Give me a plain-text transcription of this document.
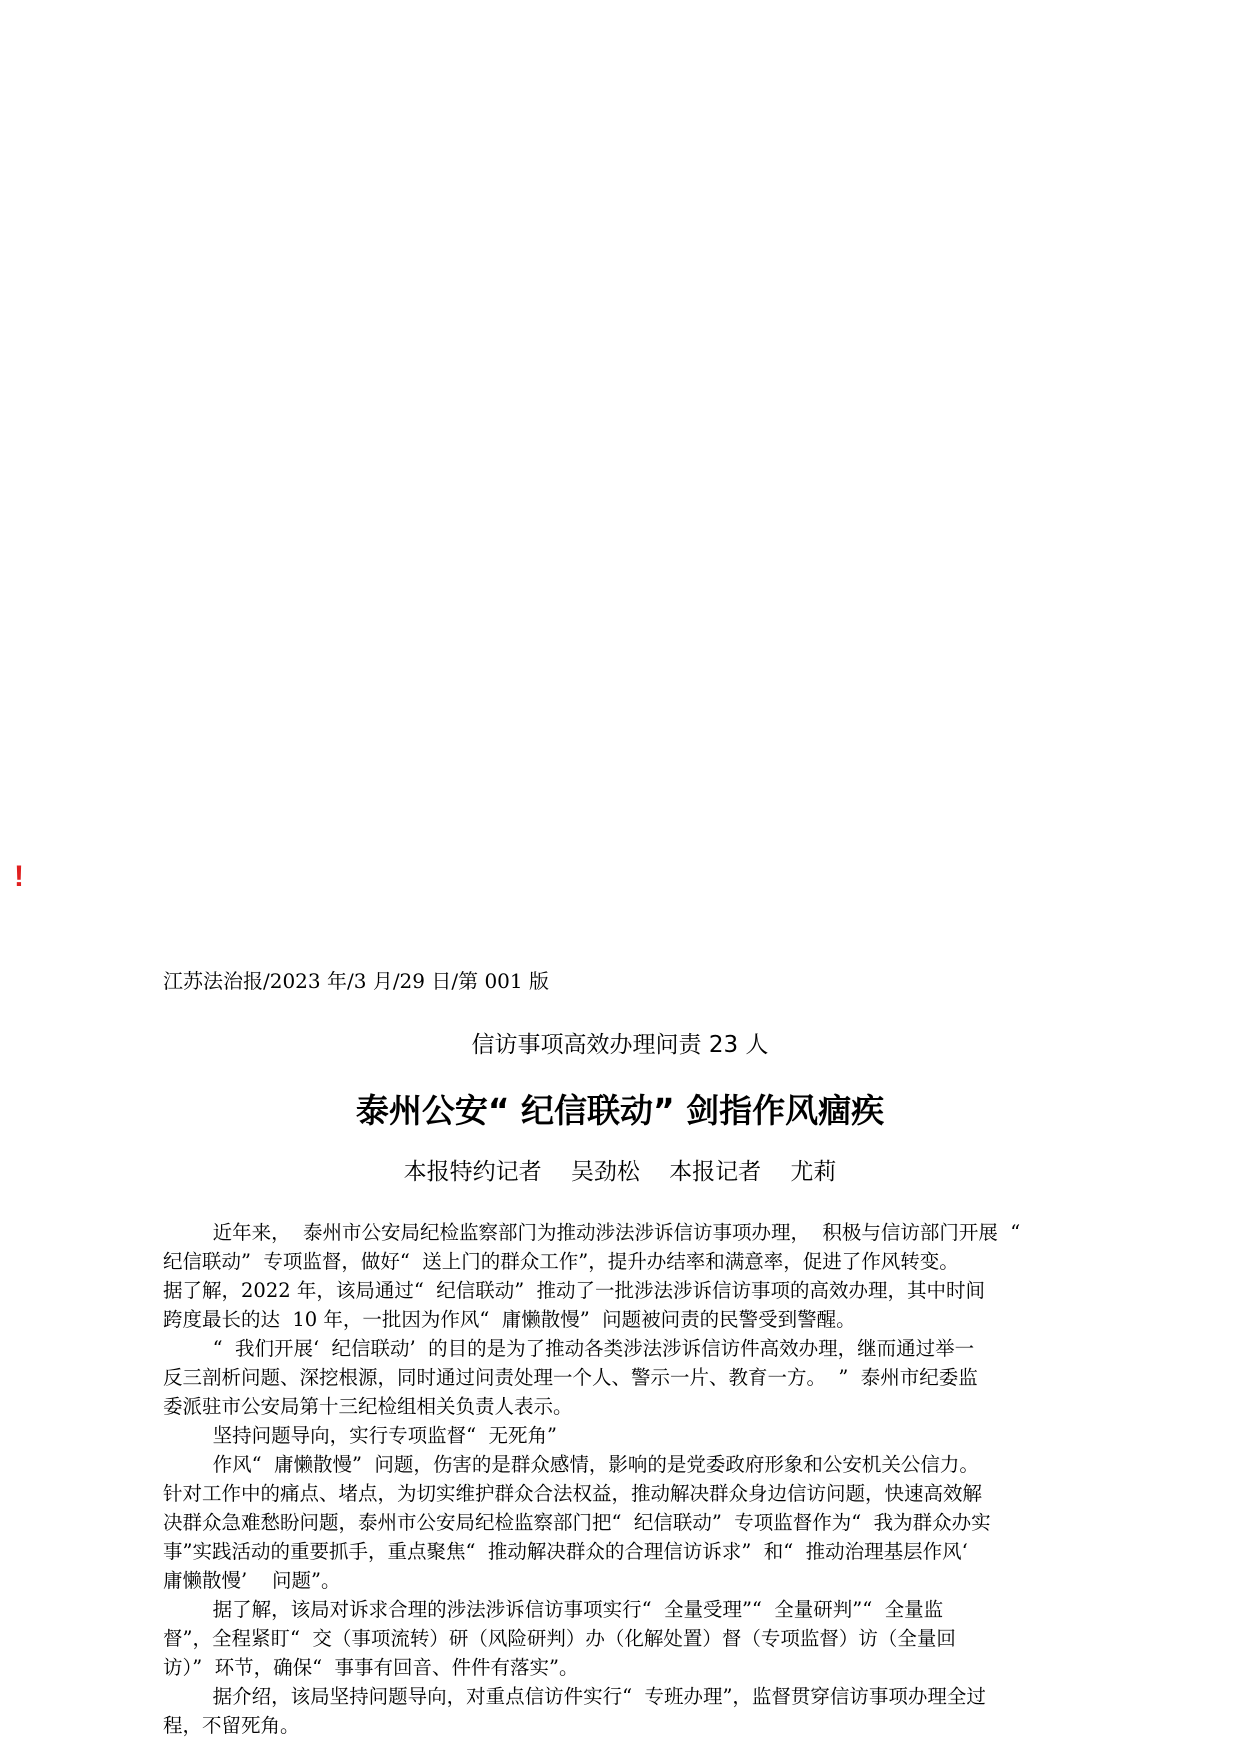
!
江苏法治报/2023 年/3 月/29 日/第 001 版
信访事项高效办理问责 23 人
泰州公安“ 纪信联动” 剑指作风痼疾
本报特约记者    吴劲松    本报记者    尤莉
近年来，  泰州市公安局纪检监察部门为推动涉法涉诉信访事项办理，  积极与信访部门开展  “
纪信联动”  专项监督，做好“  送上门的群众工作”，提升办结率和满意率，促进了作风转变。
据了解，2022 年，该局通过“  纪信联动”  推动了一批涉法涉诉信访事项的高效办理，其中时间
跨度最长的达  10 年，一批因为作风“  庸懒散慢”  问题被问责的民警受到警醒。
“  我们开展‘  纪信联动’  的目的是为了推动各类涉法涉诉信访件高效办理，继而通过举一
反三剖析问题、深挖根源，同时通过问责处理一个人、警示一片、教育一方。  ”  泰州市纪委监
委派驻市公安局第十三纪检组相关负责人表示。
坚持问题导向，实行专项监督“  无死角”
作风“  庸懒散慢”  问题，伤害的是群众感情，影响的是党委政府形象和公安机关公信力。
针对工作中的痛点、堵点，为切实维护群众合法权益，推动解决群众身边信访问题，快速高效解
决群众急难愁盼问题，泰州市公安局纪检监察部门把“  纪信联动”  专项监督作为“  我为群众办实
事”实践活动的重要抓手，重点聚焦“  推动解决群众的合理信访诉求”  和“  推动治理基层作风‘
庸懒散慢’    问题”。
据了解，该局对诉求合理的涉法涉诉信访事项实行“  全量受理”“  全量研判”“  全量监
督”，全程紧盯“  交（事项流转）研（风险研判）办（化解处置）督（专项监督）访（全量回
访）”  环节，确保“  事事有回音、件件有落实”。
据介绍，该局坚持问题导向，对重点信访件实行“  专班办理”，监督贯穿信访事项办理全过
程，不留死角。
